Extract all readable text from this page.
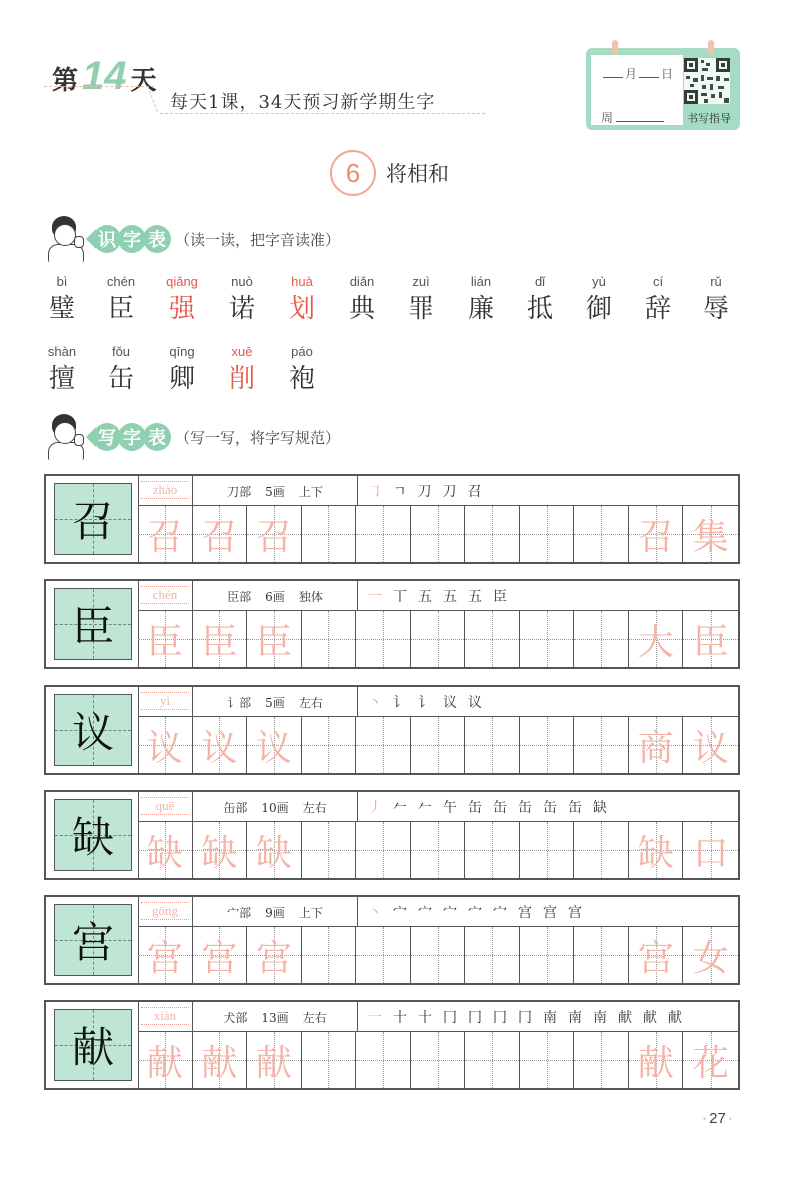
第 14 天
每天1课，34天预习新学期生字
月 日
周	书写指导
6	将相和
识 字 表 （读一读，把字音读准）
bì
璧
chén
臣
qiǎng
强
nuò
诺
huà
划
diǎn
典
zuì
罪
lián
廉
dǐ
抵
yù
御
cí
辞
rǔ
辱
shàn
擅
fǒu
缶
qīng
卿
xuē
削
páo
袍
写 字 表 （写一写，将字写规范）
召
zhào	刀部 5画 上下	㇆ ㄱ 刀 刀 召
召 召 召	召 集
臣
chén	臣部 6画 独体	一 丅 五 五 五 臣
臣 臣 臣	大 臣
议
yì	讠部 5画 左右	丶 讠 讠 议 议
议 议 议	商 议
缺
quē	缶部 10画 左右	丿 𠂉 𠂉 午 缶 缶 缶 缶 缶 缺
缺 缺 缺	缺 口
宫
gōng	宀部 9画 上下	丶 宀 宀 宀 宀 宀 宫 宫 宫
宫 宫 宫	宫 女
献
xiàn	犬部 13画 左右	一 十 十 冂 冂 冂 冂 南 南 南 献 献 献
献 献 献	献 花
• 27 •
